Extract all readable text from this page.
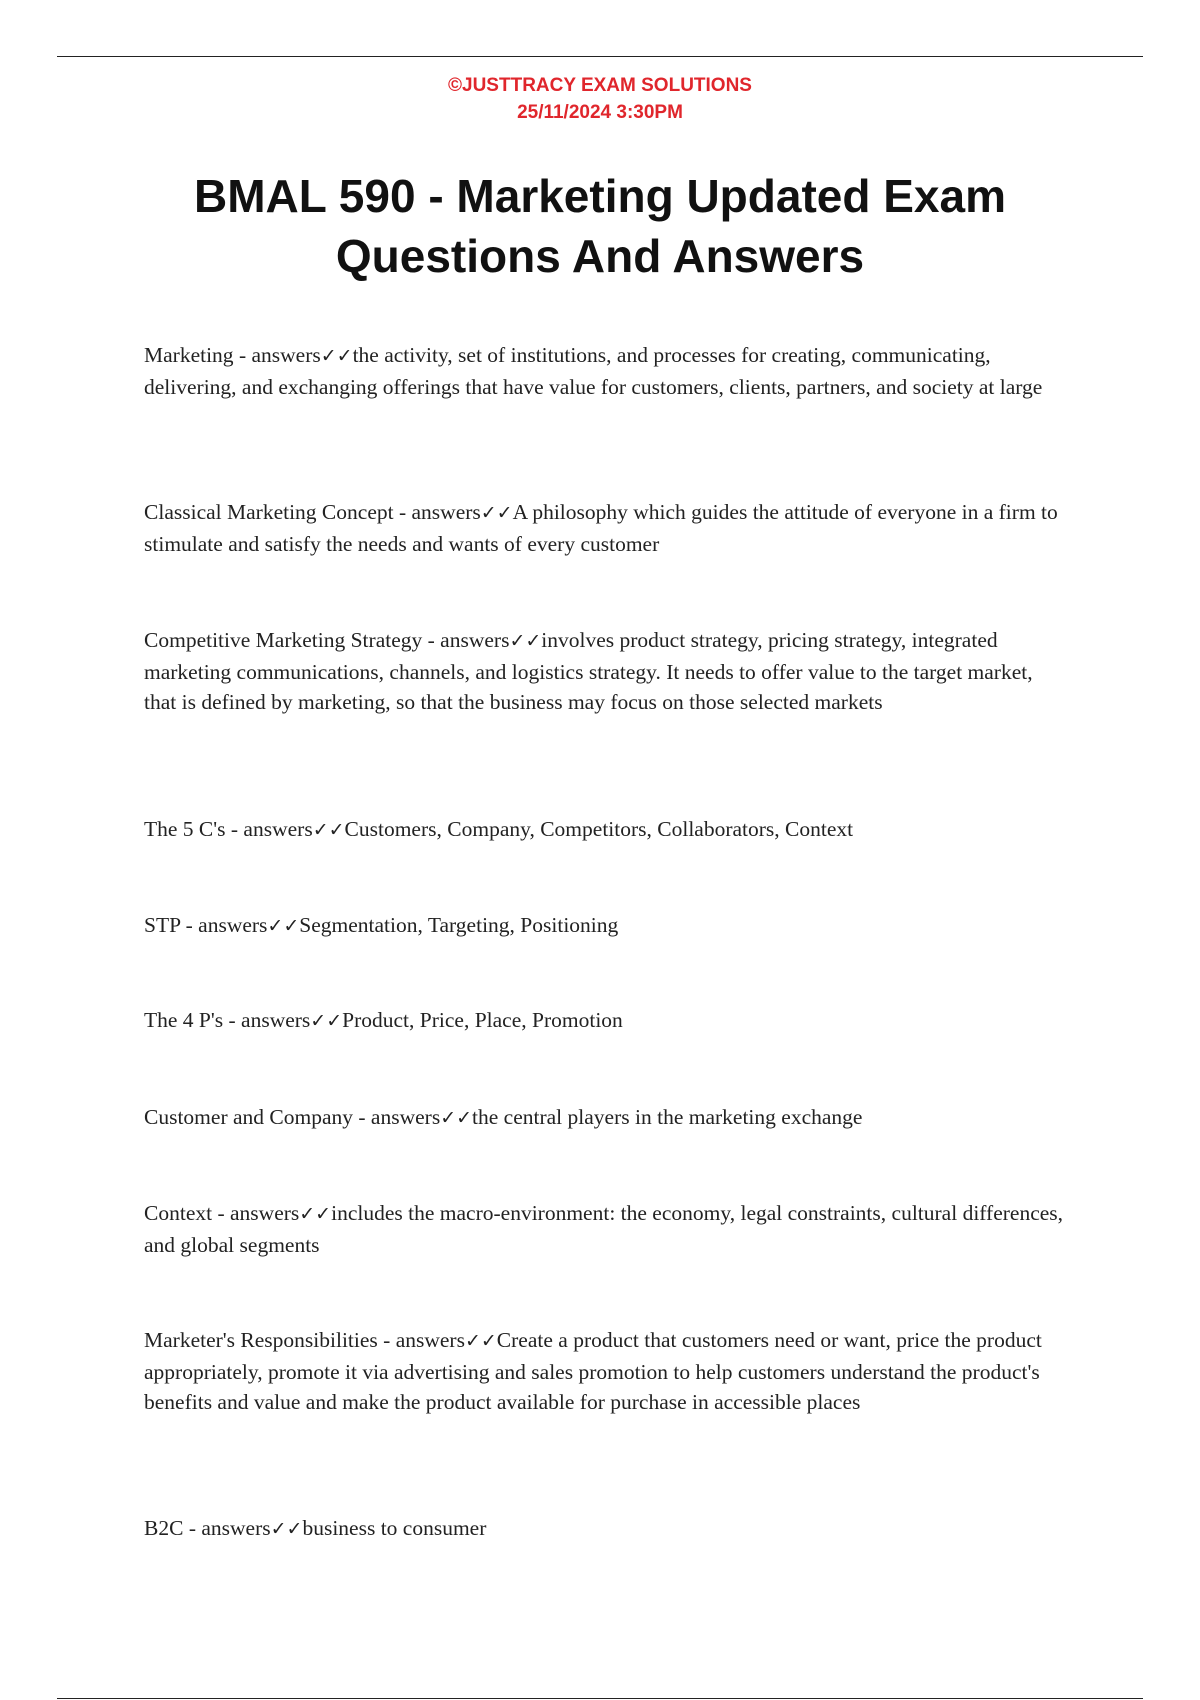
©JUSTTRACY EXAM SOLUTIONS
25/11/2024 3:30PM
BMAL 590 - Marketing Updated Exam Questions And Answers

Marketing - answers✓✓the activity, set of institutions, and processes for creating, communicating, delivering, and exchanging offerings that have value for customers, clients, partners, and society at large

Classical Marketing Concept - answers✓✓A philosophy which guides the attitude of everyone in a firm to stimulate and satisfy the needs and wants of every customer

Competitive Marketing Strategy - answers✓✓involves product strategy, pricing strategy, integrated marketing communications, channels, and logistics strategy. It needs to offer value to the target market, that is defined by marketing, so that the business may focus on those selected markets

The 5 C's - answers✓✓Customers, Company, Competitors, Collaborators, Context

STP - answers✓✓Segmentation, Targeting, Positioning

The 4 P's - answers✓✓Product, Price, Place, Promotion

Customer and Company - answers✓✓the central players in the marketing exchange

Context - answers✓✓includes the macro-environment: the economy, legal constraints, cultural differences, and global segments

Marketer's Responsibilities - answers✓✓Create a product that customers need or want, price the product appropriately, promote it via advertising and sales promotion to help customers understand the product's benefits and value and make the product available for purchase in accessible places

B2C - answers✓✓business to consumer
